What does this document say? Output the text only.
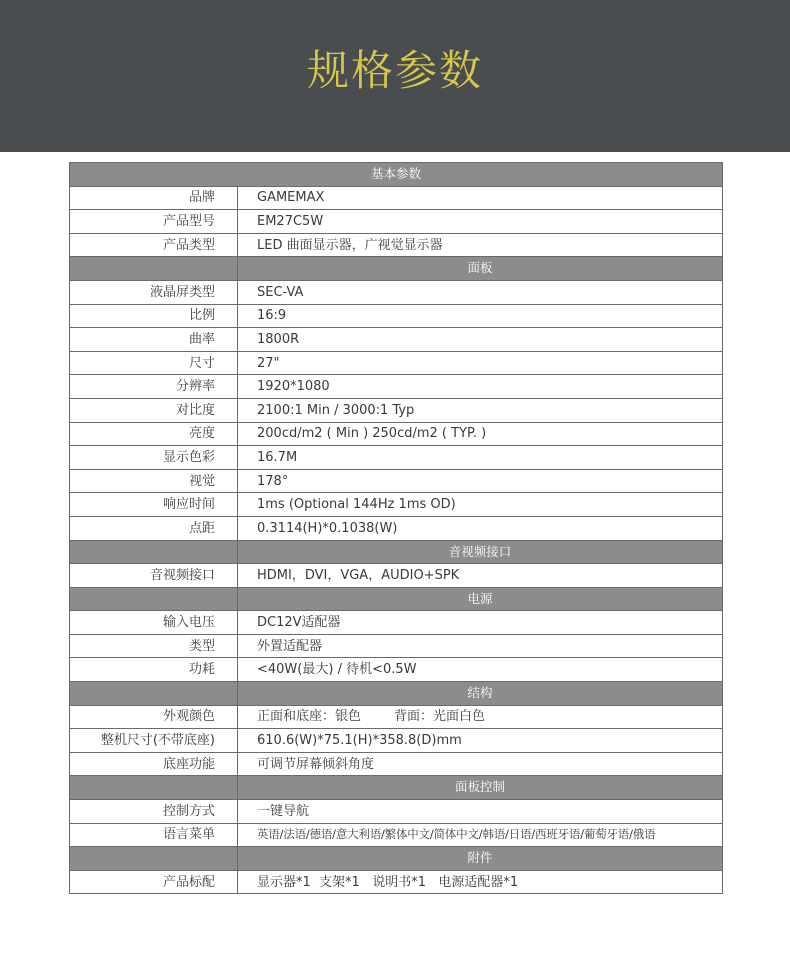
规格参数
基本参数	
品牌	GAMEMAX
产品型号	EM27C5W
产品类型	LED 曲面显示器，广视觉显示器
	面板
液晶屏类型	SEC-VA
比例	16:9
曲率	1800R
尺寸	27"
分辨率	1920*1080
对比度	2100:1 Min / 3000:1 Typ
亮度	200cd/m2 ( Min ) 250cd/m2 ( TYP. )
显示色彩	16.7M
视觉	178°
响应时间	1ms (Optional 144Hz 1ms OD)
点距	0.3114(H)*0.1038(W)
	音视频接口
音视频接口	HDMI，DVI，VGA，AUDIO+SPK
	电源
输入电压	DC12V适配器
类型	外置适配器
功耗	<40W(最大) / 待机<0.5W
	结构
外观颜色	正面和底座：银色        背面：光面白色
整机尺寸(不带底座)	610.6(W)*75.1(H)*358.8(D)mm
底座功能	可调节屏幕倾斜角度
	面板控制
控制方式	一键导航
语言菜单	英语/法语/德语/意大利语/繁体中文/简体中文/韩语/日语/西班牙语/葡萄牙语/俄语
	附件
产品标配	显示器*1  支架*1   说明书*1   电源适配器*1
